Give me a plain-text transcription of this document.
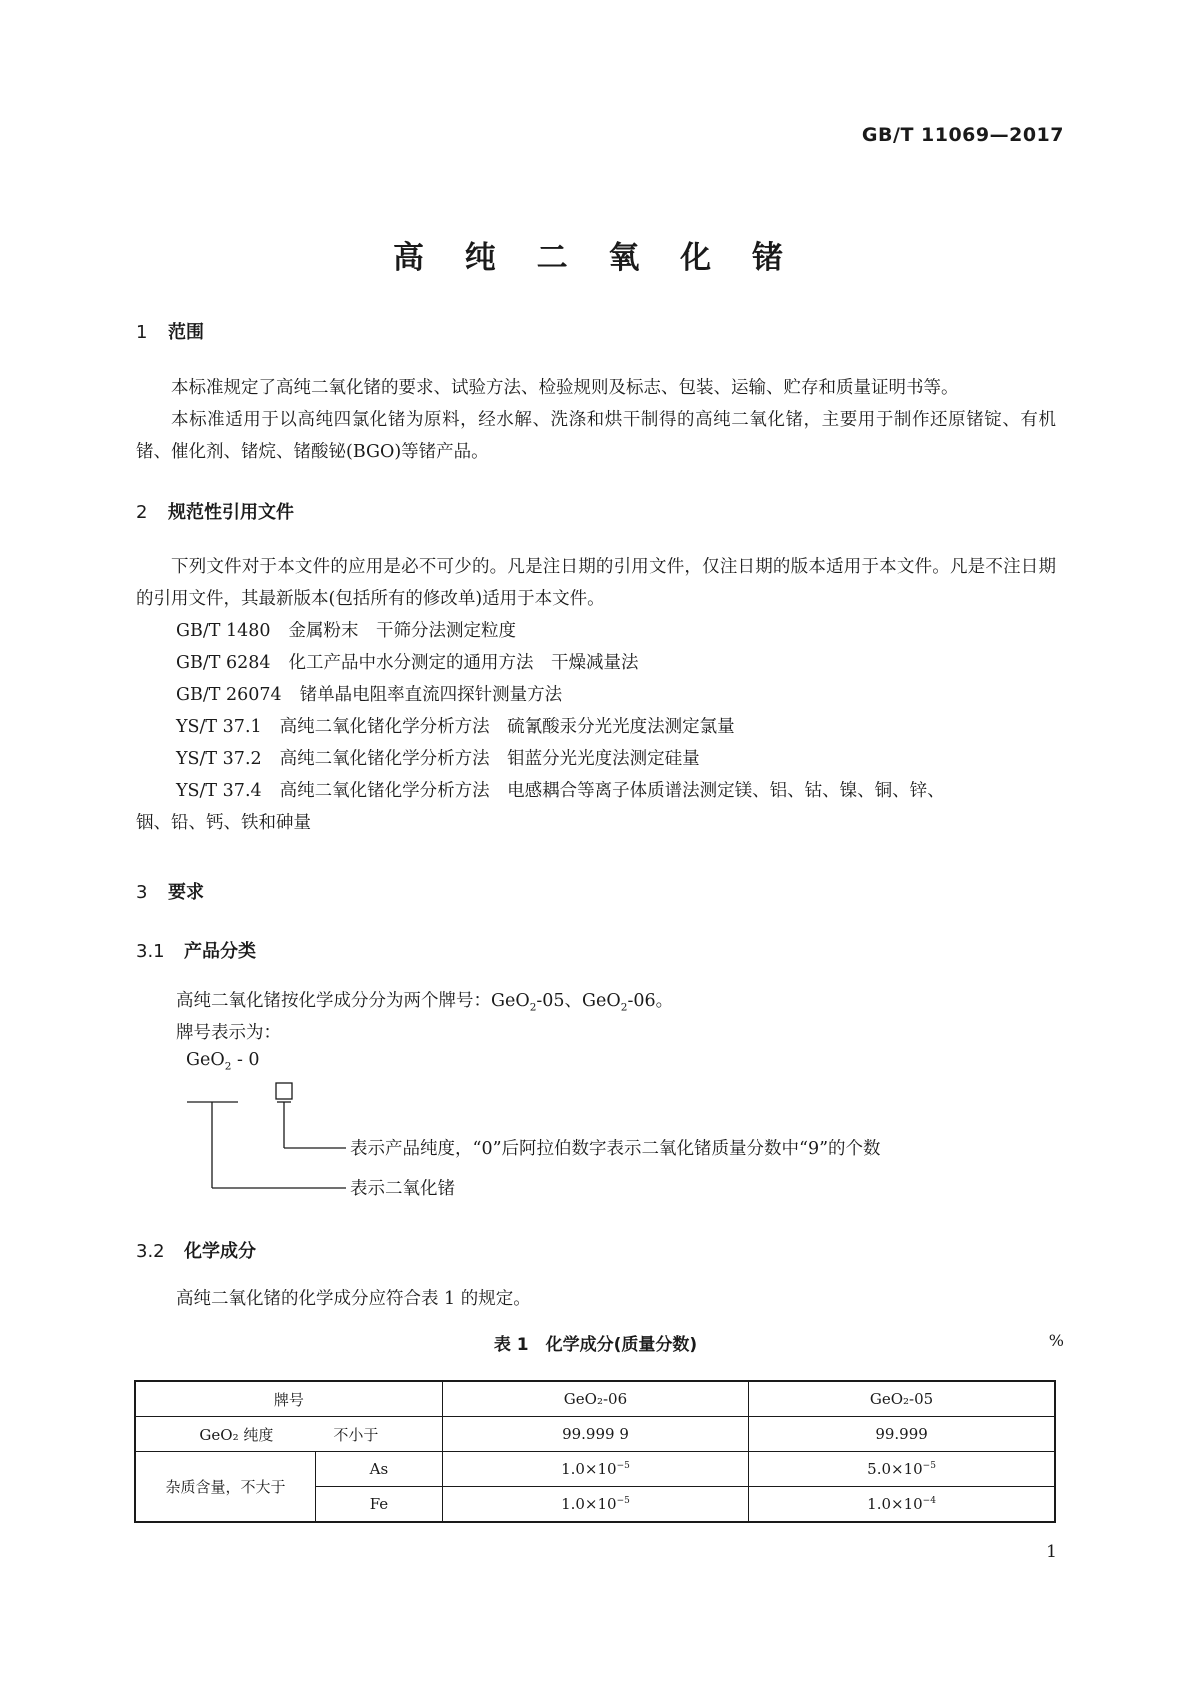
GB/T 11069—2017
高 纯 二 氧 化 锗
1 范围
本标准规定了高纯二氧化锗的要求、试验方法、检验规则及标志、包装、运输、贮存和质量证明书等。
本标准适用于以高纯四氯化锗为原料，经水解、洗涤和烘干制得的高纯二氧化锗，主要用于制作还原锗锭、有机锗、催化剂、锗烷、锗酸铋(BGO)等锗产品。
2 规范性引用文件
下列文件对于本文件的应用是必不可少的。凡是注日期的引用文件，仅注日期的版本适用于本文件。凡是不注日期的引用文件，其最新版本(包括所有的修改单)适用于本文件。
GB/T 1480 金属粉末　干筛分法测定粒度
GB/T 6284 化工产品中水分测定的通用方法　干燥减量法
GB/T 26074 锗单晶电阻率直流四探针测量方法
YS/T 37.1 高纯二氧化锗化学分析方法　硫氰酸汞分光光度法测定氯量
YS/T 37.2 高纯二氧化锗化学分析方法　钼蓝分光光度法测定硅量
YS/T 37.4 高纯二氧化锗化学分析方法　电感耦合等离子体质谱法测定镁、铝、钴、镍、铜、锌、
铟、铅、钙、铁和砷量
3 要求
3.1 产品分类
高纯二氧化锗按化学成分分为两个牌号：GeO$_2$-05、GeO$_2$-06。
牌号表示为：
GeO$_2$ - 0
表示产品纯度，“0”后阿拉伯数字表示二氧化锗质量分数中“9”的个数
表示二氧化锗
3.2 化学成分
高纯二氧化锗的化学成分应符合表 1 的规定。
表 1　化学成分(质量分数)	%
牌号		GeO₂-06	GeO₂-05
GeO₂ 纯度 不小于		99.999 9	99.999
杂质含量，不大于	As	$1.0\times 10^{-5}$	$5.0\times 10^{-5}$
	Fe	$1.0\times 10^{-5}$	$1.0\times 10^{-4}$
1
